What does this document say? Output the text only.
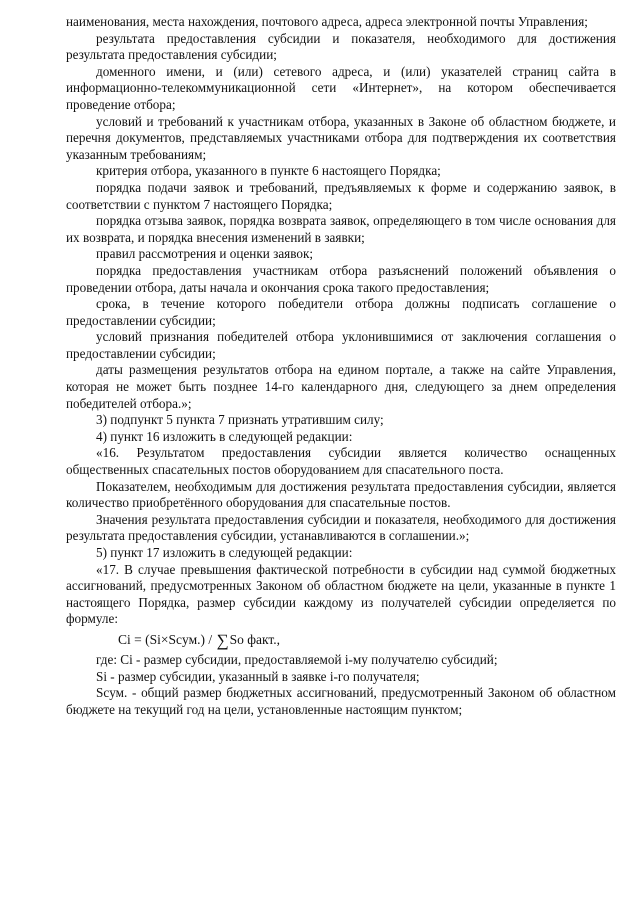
наименования, места нахождения, почтового адреса, адреса электронной почты Управления;

результата предоставления субсидии и показателя, необходимого для достижения результата предоставления субсидии;

доменного имени, и (или) сетевого адреса, и (или) указателей страниц сайта в информационно-телекоммуникационной сети «Интернет», на котором обеспечивается проведение отбора;

условий и требований к участникам отбора, указанных в Законе об областном бюджете, и перечня документов, представляемых участниками отбора для подтверждения их соответствия указанным требованиям;

критерия отбора, указанного в пункте 6 настоящего Порядка;

порядка подачи заявок и требований, предъявляемых к форме и содержанию заявок, в соответствии с пунктом 7 настоящего Порядка;

порядка отзыва заявок, порядка возврата заявок, определяющего в том числе основания для их возврата, и порядка внесения изменений в заявки;

правил рассмотрения и оценки заявок;

порядка предоставления участникам отбора разъяснений положений объявления о проведении отбора, даты начала и окончания срока такого предоставления;

срока, в течение которого победители отбора должны подписать соглашение о предоставлении субсидии;

условий признания победителей отбора уклонившимися от заключения соглашения о предоставлении субсидии;

даты размещения результатов отбора на едином портале, а также на сайте Управления, которая не может быть позднее 14-го календарного дня, следующего за днем определения победителей отбора.»;

3) подпункт 5 пункта 7 признать утратившим силу;

4) пункт 16 изложить в следующей редакции:

«16. Результатом предоставления субсидии является количество оснащенных общественных спасательных постов оборудованием для спасательного поста.

Показателем, необходимым для достижения результата предоставления субсидии, является количество приобретённого оборудования для спасательные постов.

Значения результата предоставления субсидии и показателя, необходимого для достижения результата предоставления субсидии, устанавливаются в соглашении.»;

5) пункт 17 изложить в следующей редакции:

«17. В случае превышения фактической потребности в субсидии над суммой бюджетных ассигнований, предусмотренных Законом об областном бюджете на цели, указанные в пункте 1 настоящего Порядка, размер субсидии каждому из получателей субсидии определяется по формуле:

Ci = (Si×Scум.) / ∑So факт.,

где: Ci - размер субсидии, предоставляемой i-му получателю субсидий;

Si - размер субсидии, указанный в заявке i-го получателя;

Scум. - общий размер бюджетных ассигнований, предусмотренный Законом об областном бюджете на текущий год на цели, установленные настоящим пунктом;
